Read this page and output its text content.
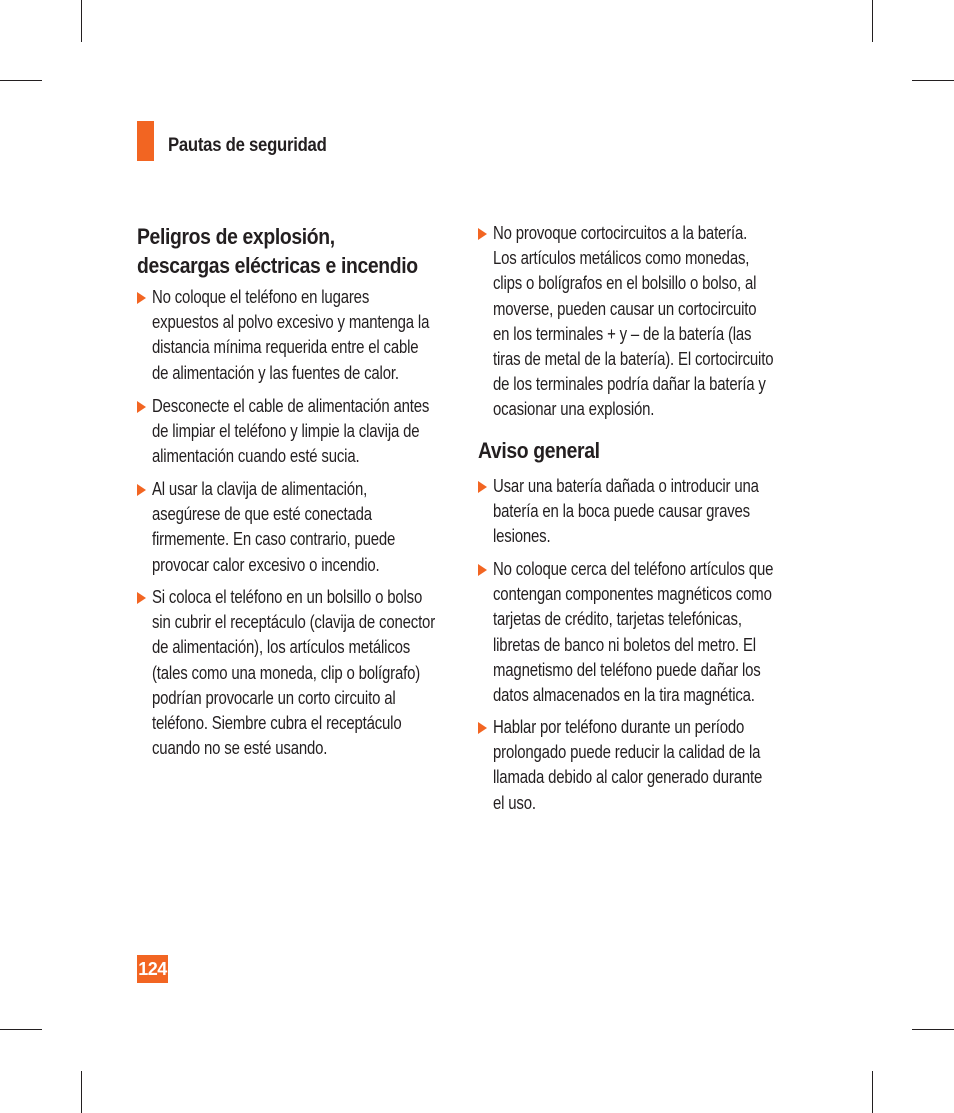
Pautas de seguridad
Peligros de explosión,
descargas eléctricas e incendio
No coloque el teléfono en lugares
expuestos al polvo excesivo y mantenga la
distancia mínima requerida entre el cable
de alimentación y las fuentes de calor.
Desconecte el cable de alimentación antes
de limpiar el teléfono y limpie la clavija de
alimentación cuando esté sucia.
Al usar la clavija de alimentación,
asegúrese de que esté conectada
firmemente. En caso contrario, puede
provocar calor excesivo o incendio.
Si coloca el teléfono en un bolsillo o bolso
sin cubrir el receptáculo (clavija de conector
de alimentación), los artículos metálicos
(tales como una moneda, clip o bolígrafo)
podrían provocarle un corto circuito al
teléfono. Siembre cubra el receptáculo
cuando no se esté usando.
No provoque cortocircuitos a la batería.
Los artículos metálicos como monedas,
clips o bolígrafos en el bolsillo o bolso, al
moverse, pueden causar un cortocircuito
en los terminales + y – de la batería (las
tiras de metal de la batería). El cortocircuito
de los terminales podría dañar la batería y
ocasionar una explosión.
Aviso general
Usar una batería dañada o introducir una
batería en la boca puede causar graves
lesiones.
No coloque cerca del teléfono artículos que
contengan componentes magnéticos como
tarjetas de crédito, tarjetas telefónicas,
libretas de banco ni boletos del metro. El
magnetismo del teléfono puede dañar los
datos almacenados en la tira magnética.
Hablar por teléfono durante un período
prolongado puede reducir la calidad de la
llamada debido al calor generado durante
el uso.
124
